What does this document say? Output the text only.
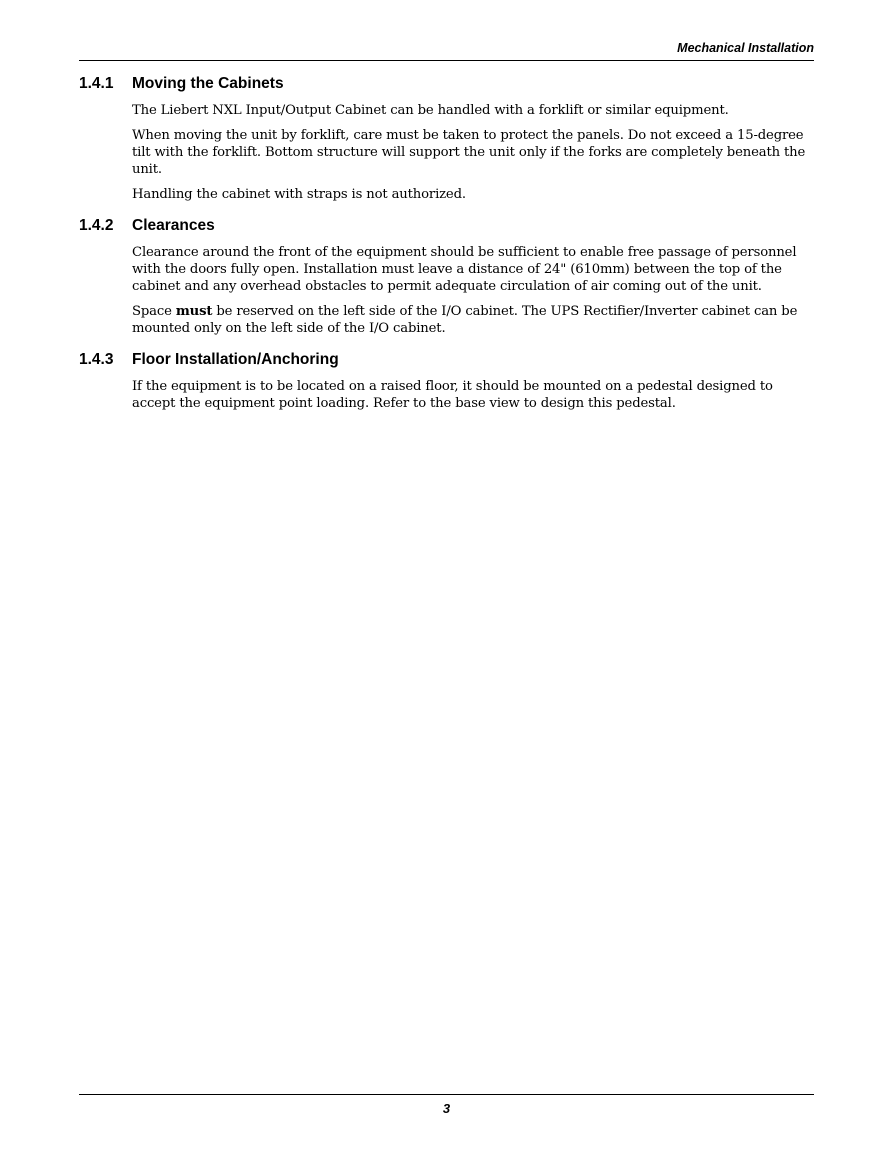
Mechanical Installation
1.4.1	Moving the Cabinets

The Liebert NXL Input/Output Cabinet can be handled with a forklift or similar equipment.

When moving the unit by forklift, care must be taken to protect the panels. Do not exceed a 15-degree tilt with the forklift. Bottom structure will support the unit only if the forks are completely beneath the unit.

Handling the cabinet with straps is not authorized.

1.4.2	Clearances

Clearance around the front of the equipment should be sufficient to enable free passage of personnel with the doors fully open. Installation must leave a distance of 24" (610mm) between the top of the cabinet and any overhead obstacles to permit adequate circulation of air coming out of the unit.

Space must be reserved on the left side of the I/O cabinet. The UPS Rectifier/Inverter cabinet can be mounted only on the left side of the I/O cabinet.

1.4.3	Floor Installation/Anchoring

If the equipment is to be located on a raised floor, it should be mounted on a pedestal designed to accept the equipment point loading. Refer to the base view to design this pedestal.

3
